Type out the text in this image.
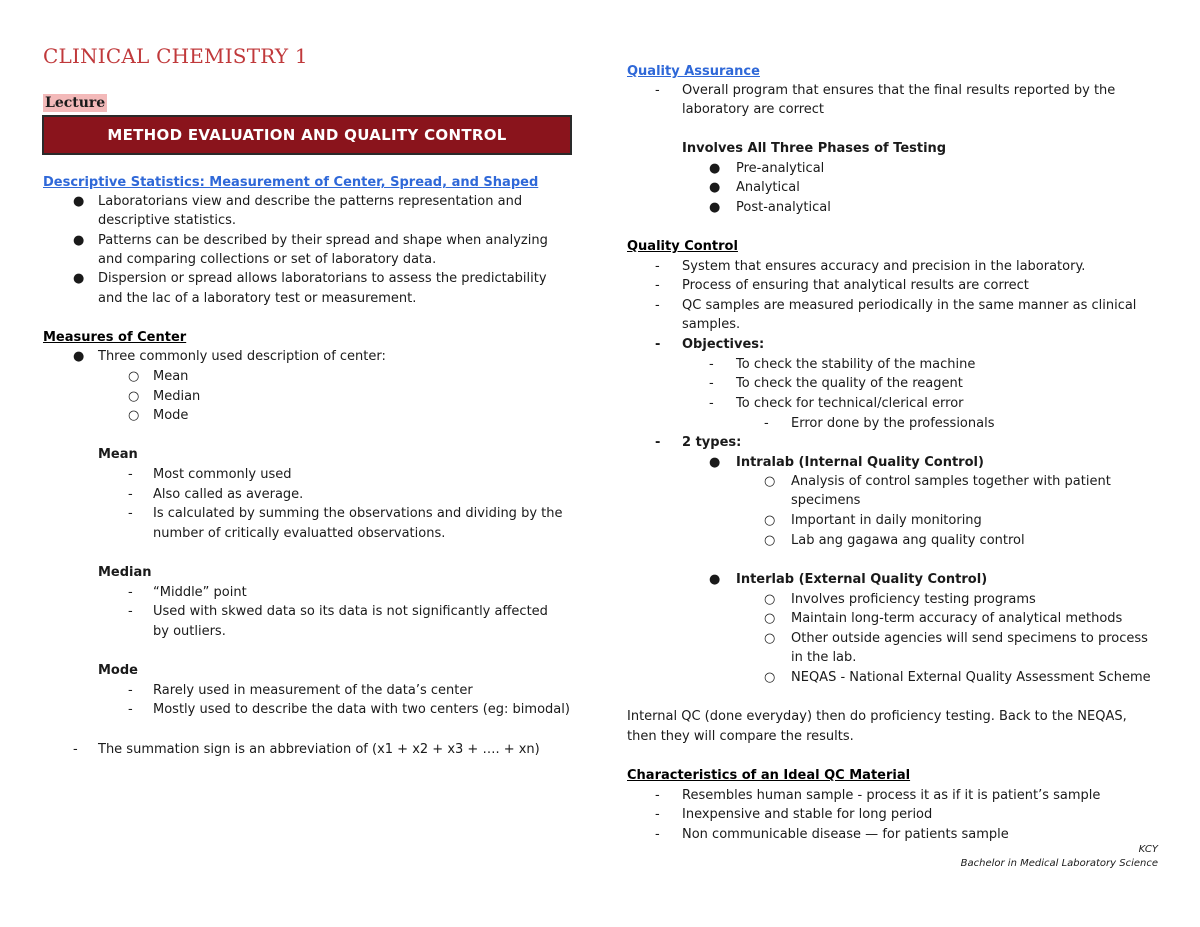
CLINICAL CHEMISTRY 1
Lecture
METHOD EVALUATION AND QUALITY CONTROL
Descriptive Statistics: Measurement of Center, Spread, and Shaped
● Laboratorians view and describe the patterns representation and
descriptive statistics.
● Patterns can be described by their spread and shape when analyzing
and comparing collections or set of laboratory data.
● Dispersion or spread allows laboratorians to assess the predictability
and the lac of a laboratory test or measurement.
Measures of Center
● Three commonly used description of center:
○ Mean
○ Median
○ Mode
Mean
- Most commonly used
- Also called as average.
- Is calculated by summing the observations and dividing by the
number of critically evaluatted observations.
Median
- “Middle” point
- Used with skwed data so its data is not significantly affected
by outliers.
Mode
- Rarely used in measurement of the data’s center
- Mostly used to describe the data with two centers (eg: bimodal)
- The summation sign is an abbreviation of (x1 + x2 + x3 + …. + xn)
Quality Assurance
- Overall program that ensures that the final results reported by the
laboratory are correct
Involves All Three Phases of Testing
● Pre-analytical
● Analytical
● Post-analytical
Quality Control
- System that ensures accuracy and precision in the laboratory.
- Process of ensuring that analytical results are correct
- QC samples are measured periodically in the same manner as clinical
samples.
- Objectives:
- To check the stability of the machine
- To check the quality of the reagent
- To check for technical/clerical error
- Error done by the professionals
- 2 types:
● Intralab (Internal Quality Control)
○ Analysis of control samples together with patient
specimens
○ Important in daily monitoring
○ Lab ang gagawa ang quality control
● Interlab (External Quality Control)
○ Involves proficiency testing programs
○ Maintain long-term accuracy of analytical methods
○ Other outside agencies will send specimens to process
in the lab.
○ NEQAS - National External Quality Assessment Scheme
Internal QC (done everyday) then do proficiency testing. Back to the NEQAS,
then they will compare the results.
Characteristics of an Ideal QC Material
- Resembles human sample - process it as if it is patient’s sample
- Inexpensive and stable for long period
- Non communicable disease — for patients sample
KCY
Bachelor in Medical Laboratory Science
